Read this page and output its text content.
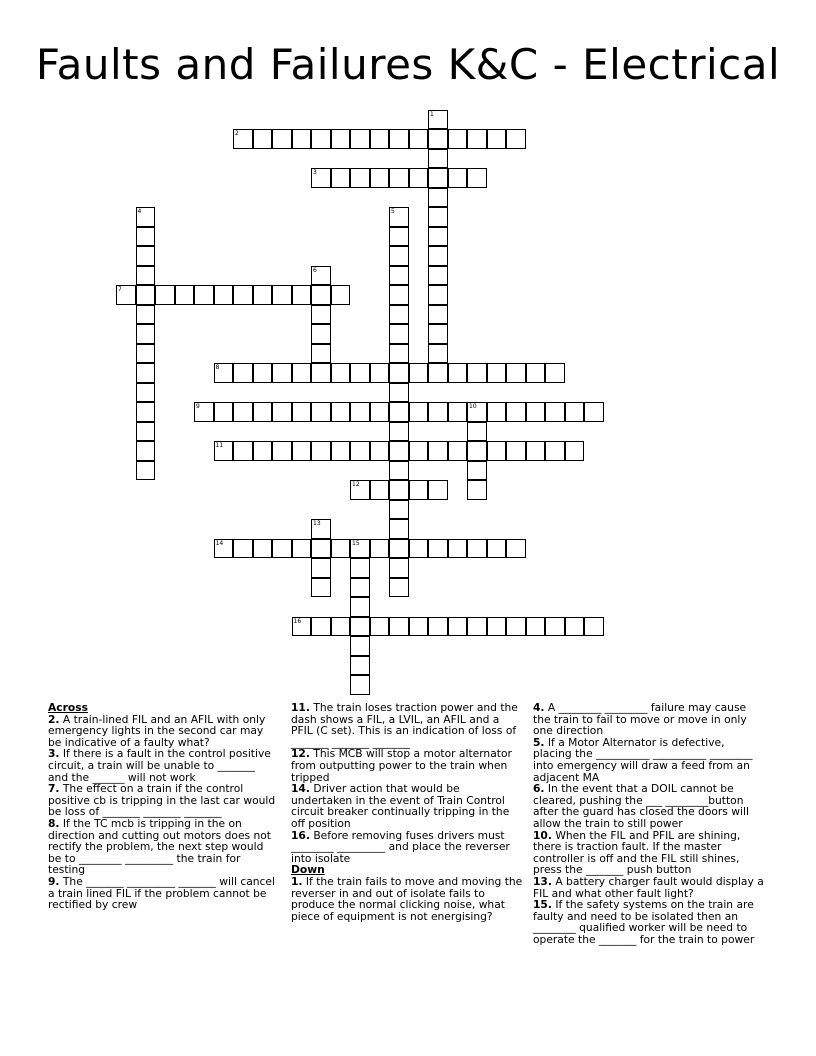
Faults and Failures K&C - Electrical
1
2
3
4	5
6
7
8
9	10
11
12
13
14	15
16
Across
2. A train-lined FIL and an AFIL with only emergency lights in the second car may be indicative of a faulty what?
3. If there is a fault in the control positive circuit, a train will be unable to _______ and the ______ will not work
7. The effect on a train if the control positive cb is tripping in the last car would be loss of _______ _______ _______
8. If the TC mcb is tripping in the on direction and cutting out motors does not rectify the problem, the next step would be to ________ _________ the train for testing
9. The _______ _________ _______ will cancel a train lined FIL if the problem cannot be rectified by crew
11. The train loses traction power and the dash shows a FIL, a LVIL, an AFIL and a PFIL (C set). This is an indication of loss of _______ _______ _______
12. This MCB will stop a motor alternator from outputting power to the train when tripped
14. Driver action that would be undertaken in the event of Train Control circuit breaker continually tripping in the off position
16. Before removing fuses drivers must ________ _________ and place the reverser into isolate
Down
1. If the train fails to move and moving the reverser in and out of isolate fails to produce the normal clicking noise, what piece of equipment is not energising?
4. A ________ ________ failure may cause the train to fail to move or move in only one direction
5. If a Motor Alternator is defective, placing the __________ __________ ________ into emergency will draw a feed from an adjacent MA
6. In the event that a DOIL cannot be cleared, pushing the ___ ________button after the guard has closed the doors will allow the train to still power
10. When the FIL and PFIL are shining, there is traction fault. If the master controller is off and the FIL still shines, press the _______ push button
13. A battery charger fault would display a FIL and what other fault light?
15. If the safety systems on the train are faulty and need to be isolated then an ________ qualified worker will be need to operate the _______ for the train to power
